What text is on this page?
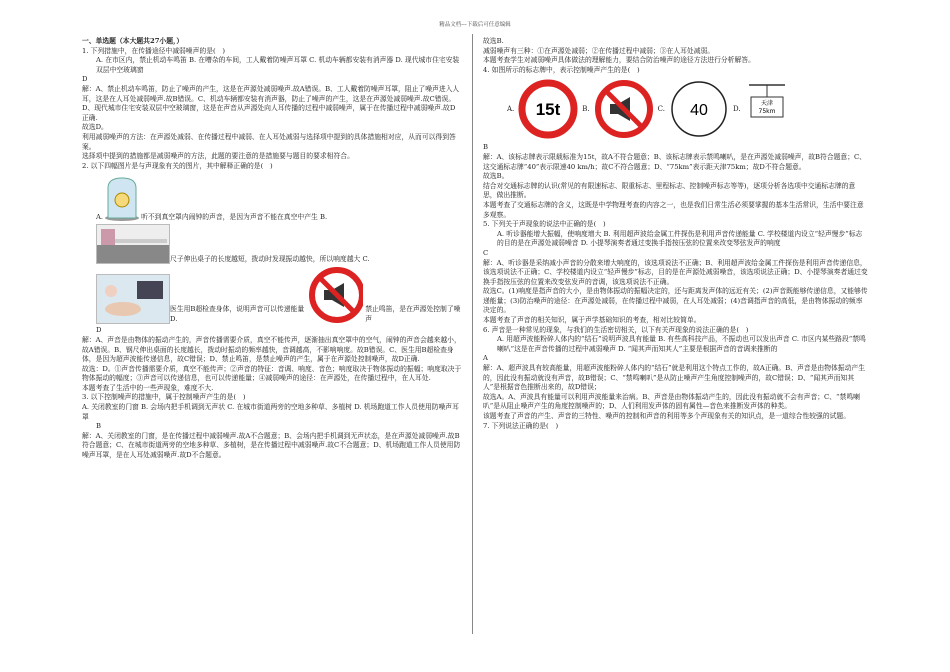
精品文档---下载后可任意编辑

一、单选题（本大题共27小题，）

1. 下列措施中，在传播途径中减弱噪声的是(　)

A. 在市区内，禁止机动车鸣笛 B. 在嘈杂的车间，工人戴着防噪声耳罩 C. 机动车辆都安装有消声器 D. 现代城市住宅安装双层中空玻璃窗

D

解：A、禁止机动车鸣笛，防止了噪声的产生，这是在声源处减弱噪声.故A错误。B、工人戴着防噪声耳罩，阻止了噪声进入人耳，这是在人耳处减弱噪声.故B错误。C、机动车辆都安装有消声器，防止了噪声的产生，这是在声源处减弱噪声.故C错误。D、现代城市住宅安装双层中空玻璃窗，这是在声音从声源处向人耳传播的过程中减弱噪声，属于在传播过程中减弱噪声.故D正确.

故选D。

利用减弱噪声的方法：在声源处减弱、在传播过程中减弱、在人耳处减弱与选择项中提到的具体措施相对应，从而可以得到答案。

选择项中提到的措施都是减弱噪声的方法，此题的要注意的是措施要与题目的要求相符合。

2. 以下四幅图片是与声现象有关的图片，其中解释正确的是(　)

A.	听不到真空罩内闹钟的声音，是因为声音不能在真空中产生 B.
尺子伸出桌子的长度越短，拨动时发现振动越快，所以响度越大 C.
医生用B超检查身体，说明声音可以传递能量 D.
禁止鸣笛，是在声源处控制了噪声

D

解：A、声音是由物体的振动产生的，声音传播需要介质，真空不能传声，逐渐抽出真空罩中的空气，闹钟的声音会越来越小，故A错误。B、钢尺伸出桌面的长度越长，拨动时振动的频率越快，音调越高，不影响响度。故B错误。C、医生用B超检查身体，是因为超声波能传递信息，故C错误；D、禁止鸣笛，是禁止噪声的产生，属于在声源处控制噪声，故D正确.

故选：D。①声音传播需要介质，真空不能传声；②声音的特征：音调、响度、音色；响度取决于物体振动的振幅；响度取决于物体振动的幅度；③声音可以传递信息，也可以传递能量；④减弱噪声的途径：在声源处，在传播过程中，在人耳处.

本题考查了生活中的一些声现象，难度不大.

3. 以下控制噪声的措施中，属于控制噪声产生的是(　)

A. 关闭教室的门窗 B. 会场内把手机调到无声状 C. 在城市街道两旁的空地多种草、多植树 D. 机场跑道工作人员使用防噪声耳罩

B

解：A、关闭教室的门窗，是在传播过程中减弱噪声.故A不合题意；B、会场内把手机调到无声状态，是在声源处减弱噪声.故B符合题意；C、在城市街道两旁的空地多种草、多植树，是在传播过程中减弱噪声.故C不合题意；D、机场跑道工作人员使用防噪声耳罩，是在人耳处减弱噪声.故D不合题意。

故选B.

减弱噪声有三种：①在声源处减弱；②在传播过程中减弱；③在人耳处减弱。

本题考查学生对减弱噪声具体做法的理解能力，要结合防治噪声的途径方法进行分析解答。

4. 如图所示的标志牌中，表示控制噪声产生的是(　)

A. 15t	B.	C. 40	D.
天津
75km

B

解：A、该标志牌表示限载标准为15t，故A不符合题意；B、该标志牌表示禁鸣喇叭，是在声源处减弱噪声，故B符合题意；C、这交通标志牌“40”表示限速40 km/h；故C不符合题意；D、“75km”表示距天津75km；故D不符合题意。

故选B。

结合对交通标志牌的认识(常见的有限速标志、限重标志、里程标志、控制噪声标志等等)，逐项分析各选项中交通标志牌的意思，做出推断。

本题考查了交通标志牌的含义，这既是中学物理考查的内容之一，也是我们日常生活必须要掌握的基本生活常识，生活中要注意多观察。

5. 下列关于声现象的说法中正确的是(　)

A. 听诊器能增大振幅，使响度增大 B. 利用超声波给金属工件探伤是利用声音传递能量 C. 学校楼道内设立“轻声慢步”标志的目的是在声源处减弱噪音 D. 小提琴演奏者通过变换手指按压弦的位置来改变琴弦发声的响度

C

解：A、听诊器是采纳减小声音的分散来增大响度的，该选项说法不正确；B、利用超声波给金属工件探伤是利用声音传递信息，该选项说法不正确；C、学校楼道内设立“轻声慢步”标志，目的是在声源处减弱噪音，该选项说法正确；D、小提琴演奏者通过变换手指按压弦的位置来改变弦发声的音调，该选项说法不正确。

故选C。(1)响度是指声音的大小，是由物体振动的振幅决定的，还与距离发声体的远近有关；(2)声音既能够传递信息，又能够传递能量；(3)防治噪声的途径：在声源处减弱，在传播过程中减弱，在人耳处减弱；(4)音调指声音的高低，是由物体振动的频率决定的。

本题考查了声音的相关知识，属于声学基础知识的考查，相对比较简单。

6. 声音是一种常见的现象，与我们的生活密切相关，以下有关声现象的说法正确的是(　)

A. 用超声波能粉碎人体内的“结石”说明声波具有能量 B. 有些高科技产品，不振动也可以发出声音 C. 市区内某些路段“禁鸣喇叭”这是在声音传播的过程中减弱噪声 D. “闻其声而知其人”主要是根据声音的音调来推断的

A

解：A、超声波具有较高能量，用超声波能粉碎人体内的“结石”就是利用这个特点工作的，故A正确。B、声音是由物体振动产生的，因此没有振动就没有声音，故B错误；C、“禁鸣喇叭”是从防止噪声产生角度控制噪声的，故C错误；D、“闻其声而知其人”是根据音色推断出来的，故D错误；

故选A。A、声波具有能量可以利用声波能量来治病。B、声音是由物体振动产生的，因此没有振动就不会有声音；C、“禁鸣喇叭”是从阻止噪声产生的角度控制噪声的；D、人们利用发声体的固有属性—音色来推断发声体的种类。

该题考查了声音的产生、声音的三特性、噪声的控制和声音的利用等多个声现象有关的知识点，是一道综合性较强的试题。

7. 下列说法正确的是(　)
